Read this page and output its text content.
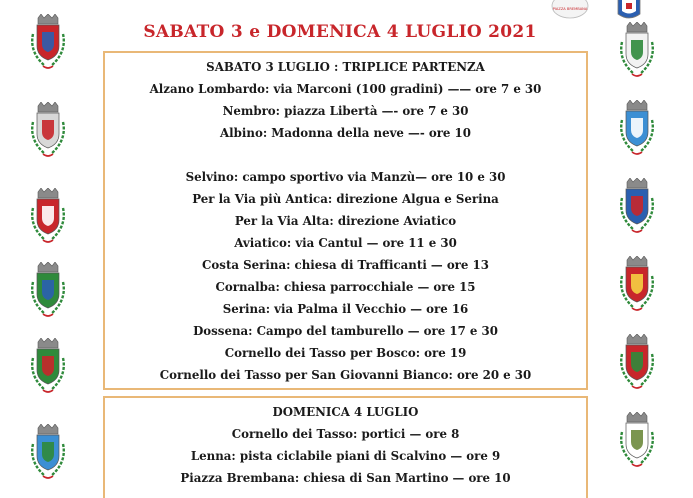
SABATO 3 e DOMENICA 4 LUGLIO 2021
PIAZZA BREMBANA
SABATO 3 LUGLIO : TRIPLICE PARTENZA
Alzano Lombardo: via Marconi (100 gradini) —— ore 7 e 30
Nembro: piazza Libertà —- ore 7 e 30
Albino: Madonna della neve —- ore 10
Selvino: campo sportivo via Manzù— ore 10 e 30
Per la Via più Antica: direzione Algua e Serina
Per la Via Alta: direzione Aviatico
Aviatico: via Cantul — ore 11 e 30
Costa Serina: chiesa di Trafficanti — ore 13
Cornalba: chiesa parrocchiale — ore 15
Serina: via Palma il Vecchio — ore 16
Dossena: Campo del tamburello — ore 17 e 30
Cornello dei Tasso per Bosco: ore 19
Cornello dei Tasso per San Giovanni Bianco: ore 20 e 30
DOMENICA 4 LUGLIO
Cornello dei Tasso: portici — ore 8
Lenna: pista ciclabile piani di Scalvino — ore 9
Piazza Brembana: chiesa di San Martino — ore 10
